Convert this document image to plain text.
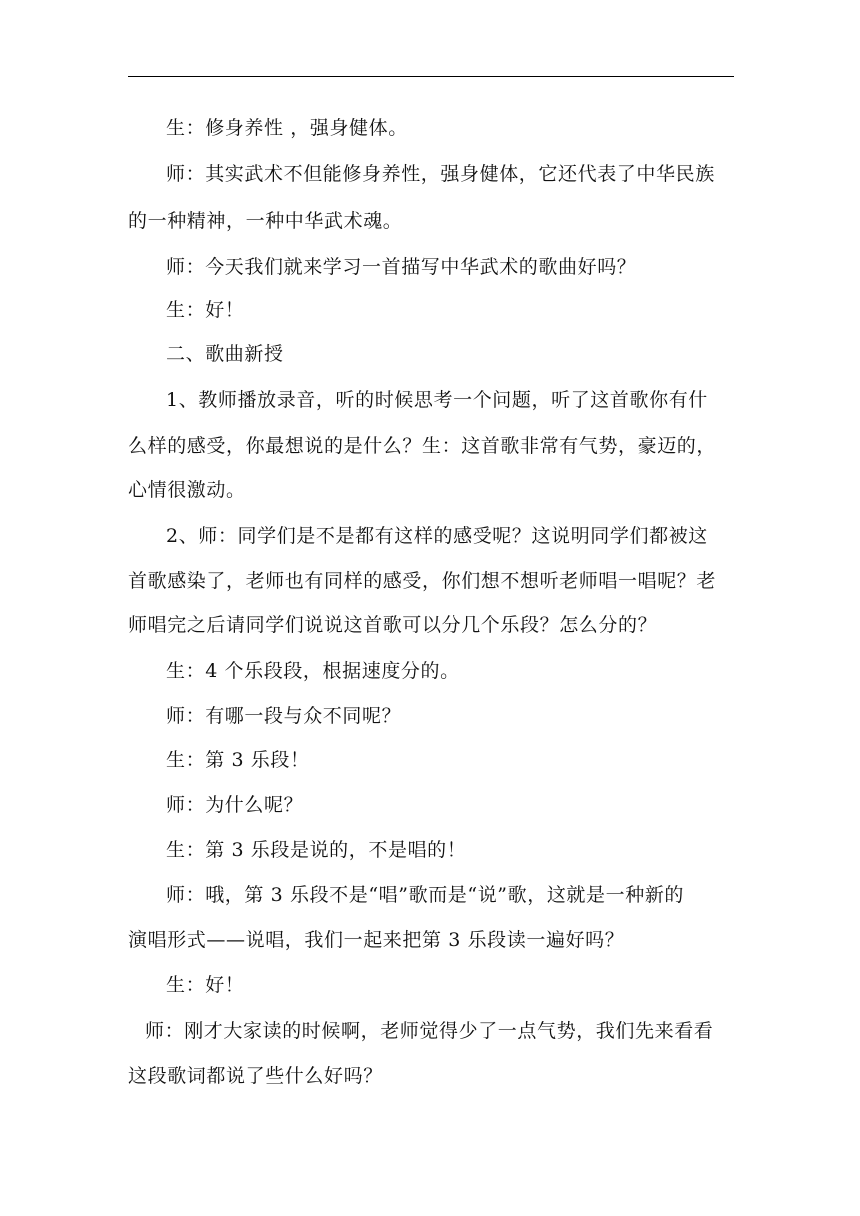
生：修身养性 ，强身健体。
师：其实武术不但能修身养性，强身健体，它还代表了中华民族
的一种精神，一种中华武术魂。
师：今天我们就来学习一首描写中华武术的歌曲好吗？
生：好！
二、歌曲新授
1、教师播放录音，听的时候思考一个问题，听了这首歌你有什
么样的感受，你最想说的是什么？生：这首歌非常有气势，豪迈的，
心情很激动。
2、师：同学们是不是都有这样的感受呢？这说明同学们都被这
首歌感染了，老师也有同样的感受，你们想不想听老师唱一唱呢？老
师唱完之后请同学们说说这首歌可以分几个乐段？怎么分的？
生：4 个乐段段，根据速度分的。
师：有哪一段与众不同呢？
生：第 3 乐段！
师：为什么呢？
生：第 3 乐段是说的，不是唱的！
师：哦，第 3 乐段不是“唱”歌而是“说”歌，这就是一种新的
演唱形式——说唱，我们一起来把第 3 乐段读一遍好吗？
生：好！
师：刚才大家读的时候啊，老师觉得少了一点气势，我们先来看看
这段歌词都说了些什么好吗？
